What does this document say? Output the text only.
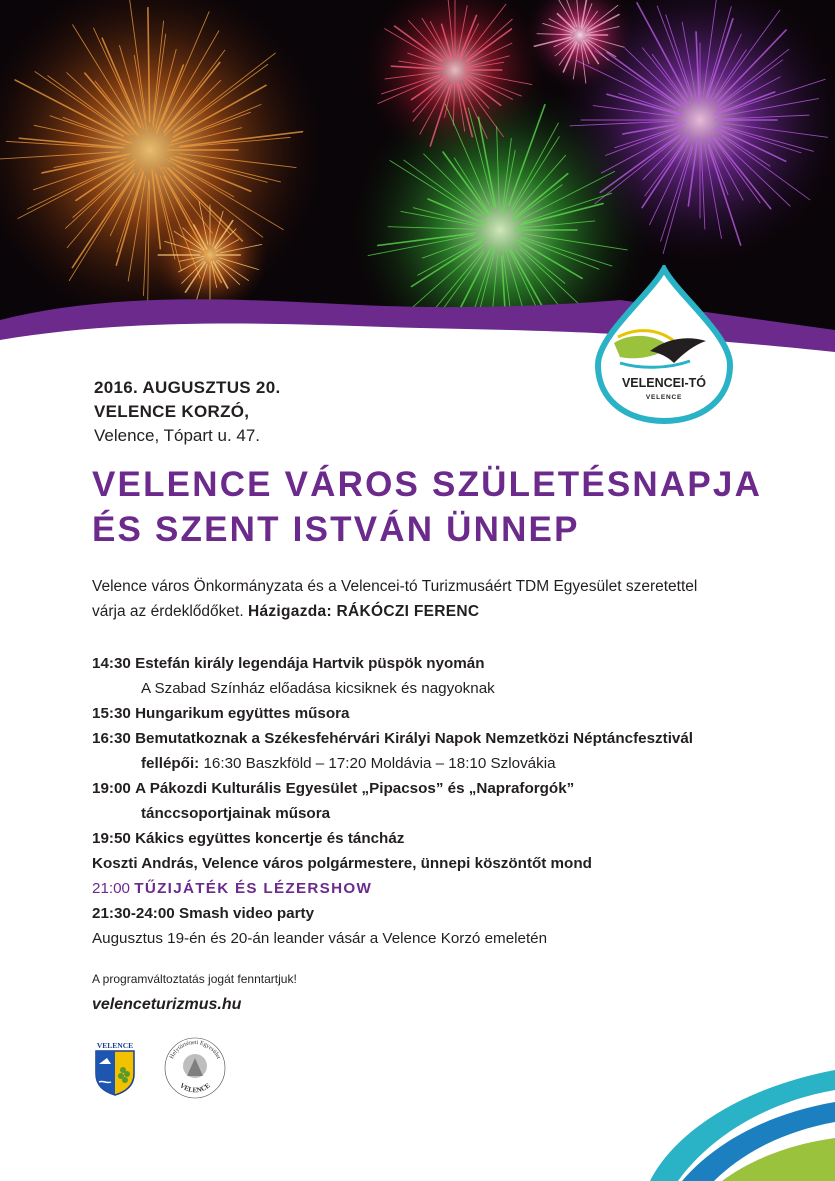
VELENCEI-TÓ
VELENCE
2016. AUGUSZTUS 20.
VELENCE KORZÓ,
Velence, Tópart u. 47.
VELENCE VÁROS SZÜLETÉSNAPJA
ÉS SZENT ISTVÁN ÜNNEP
Velence város Önkormányzata és a Velencei-tó Turizmusáért TDM Egyesület szeretettel
várja az érdeklődőket. Házigazda: RÁKÓCZI FERENC
14:30 Estefán király legendája Hartvik püspök nyomán
A Szabad Színház előadása kicsiknek és nagyoknak
15:30 Hungarikum együttes műsora
16:30 Bemutatkoznak a Székesfehérvári Királyi Napok Nemzetközi Néptáncfesztivál
fellépői: 16:30 Baszkföld – 17:20 Moldávia – 18:10 Szlovákia
19:00 A Pákozdi Kulturális Egyesület „Pipacsos” és „Napraforgók”
tánccsoportjainak műsora
19:50 Kákics együttes koncertje és táncház
Koszti András, Velence város polgármestere, ünnepi köszöntőt mond
21:00 TŰZIJÁTÉK ÉS LÉZERSHOW
21:30-24:00 Smash video party
Augusztus 19-én és 20-án leander vásár a Velence Korzó emeletén
A programváltoztatás jogát fenntartjuk!
velenceturizmus.hu
VELENCE
Helytörténeti Egyesület
VELENCE
